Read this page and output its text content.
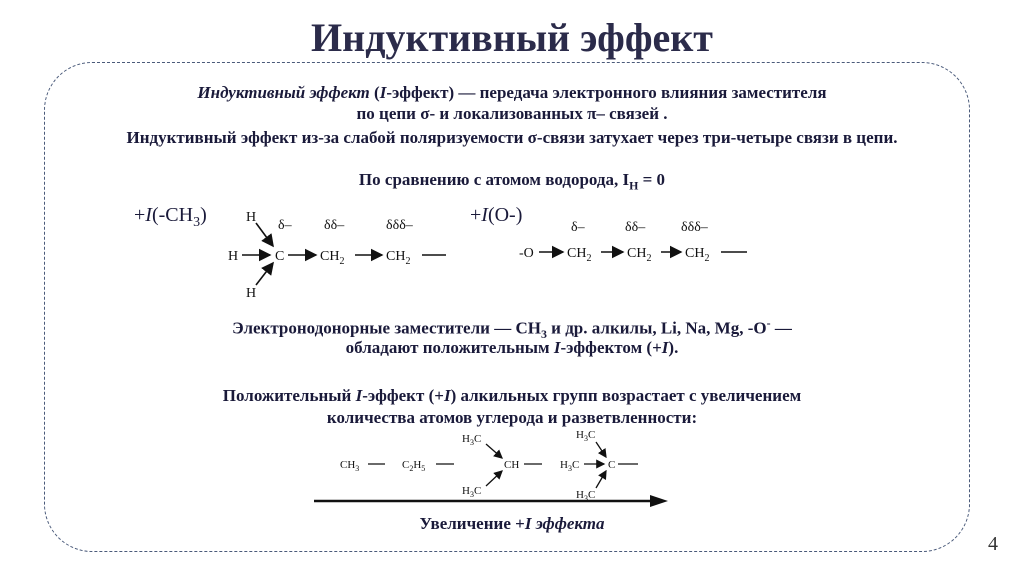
Индуктивный эффект
Индуктивный эффект (I-эффект) — передача электронного влияния заместителя
по цепи σ- и локализованных π– связей .
Индуктивный эффект из-за слабой поляризуемости σ-связи затухает через три-четыре связи в цепи.
По сравнению с атомом водорода, $I_H = 0$
$+I(-CH_3)$	+I(O-)
H
H
H
C	$CH_2$	$CH_2$
δ– δδ–	δδδ–
-O $CH_2$	$CH_2$ $CH_2$
δ–	δδ–	δδδ–
Электронодонорные заместители — $CH_3$ и др. алкилы, Li, Na, Mg, -O- —
обладают положительным I-эффектом (+I).
Положительный I-эффект (+I) алкильных групп возрастает с увеличением
количества атомов углерода и разветвленности:
$CH_3$	$C_2H_5$
$H_3C$
$H_3C$
CH
$H_3C$
$H_3C$
$H_3C$
C
Увеличение +I эффекта
4
